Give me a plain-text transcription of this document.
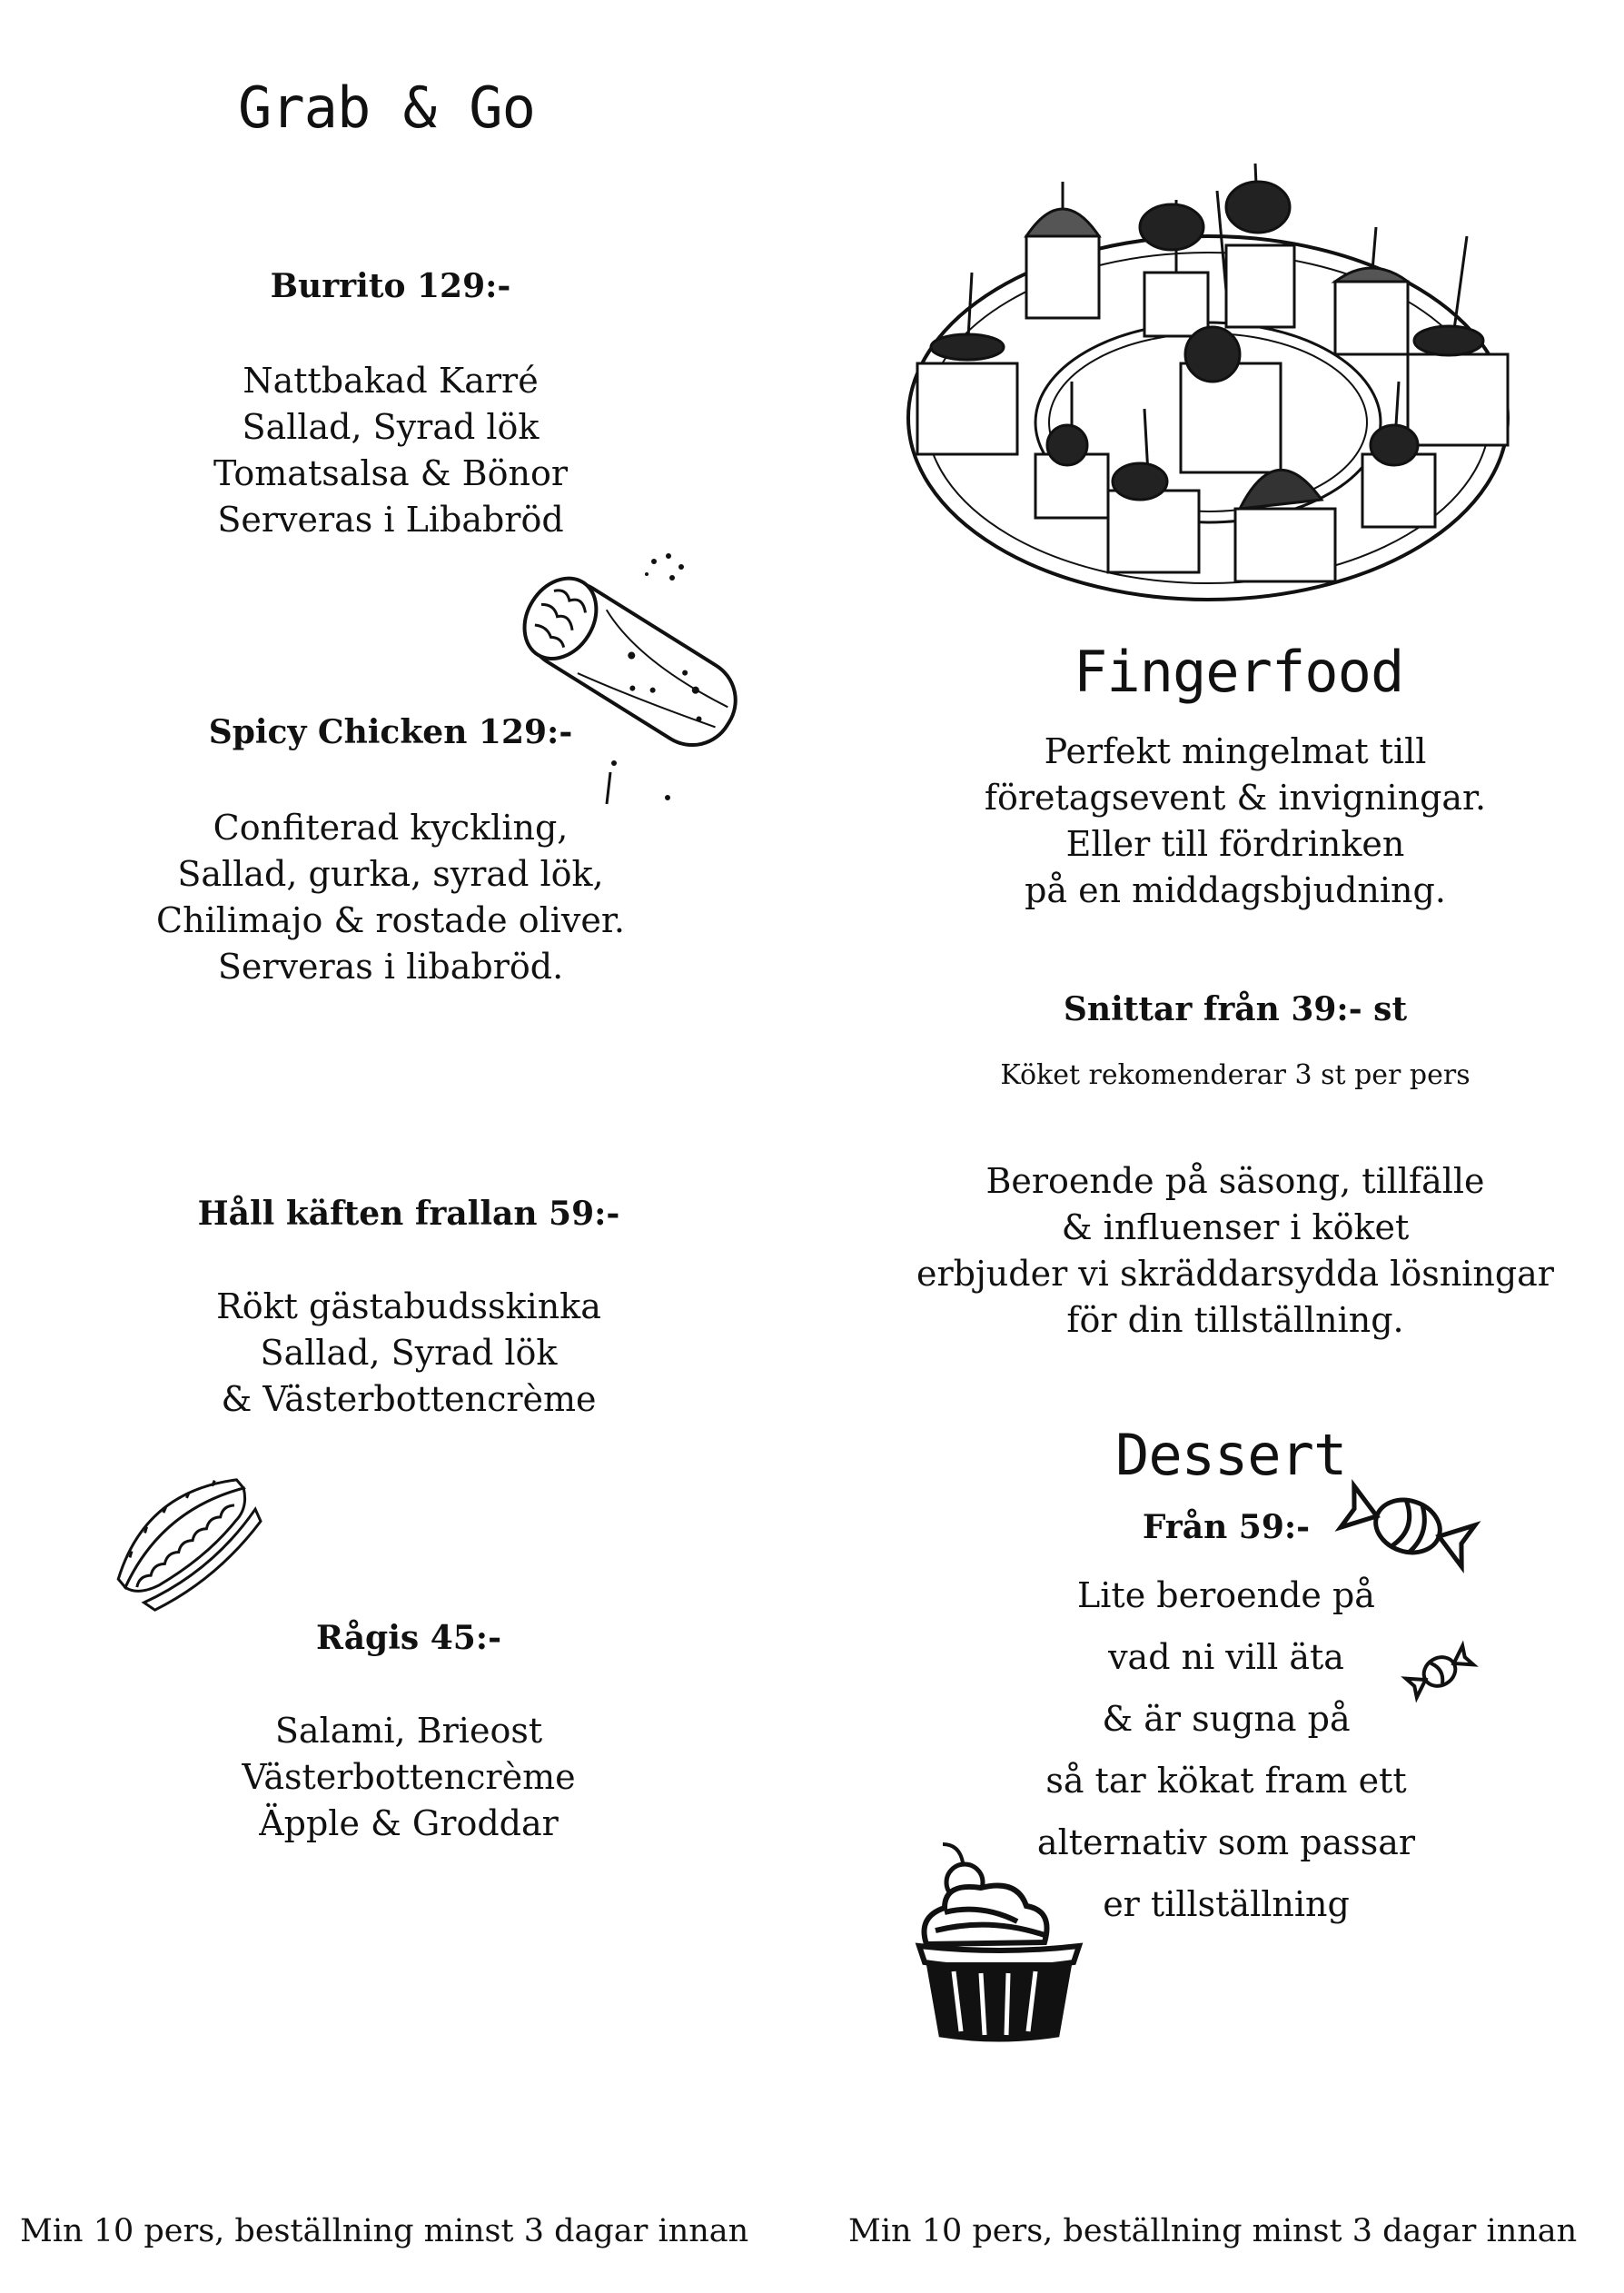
Grab & Go
Burrito 129:-
Nattbakad Karré
Sallad, Syrad lök
Tomatsalsa & Bönor
Serveras i Libabröd
Spicy Chicken 129:-
Confiterad kyckling,
Sallad, gurka, syrad lök,
Chilimajo & rostade oliver.
Serveras i libabröd.
Håll käften frallan 59:-
Rökt gästabudsskinka
Sallad, Syrad lök
& Västerbottencrème
Rågis 45:-
Salami, Brieost
Västerbottencrème
Äpple & Groddar
Min 10 pers, beställning minst 3 dagar innan
Fingerfood
Perfekt mingelmat till
företagsevent & invigningar.
Eller till fördrinken
på en middagsbjudning.
Snittar från 39:- st
Köket rekomenderar 3 st per pers
Beroende på säsong, tillfälle
& influenser i köket
erbjuder vi skräddarsydda lösningar
för din tillställning.
Dessert
Från 59:-
Lite beroende på
vad ni vill äta
& är sugna på
så tar kökat fram ett
alternativ som passar
er tillställning
Min 10 pers, beställning minst 3 dagar innan
